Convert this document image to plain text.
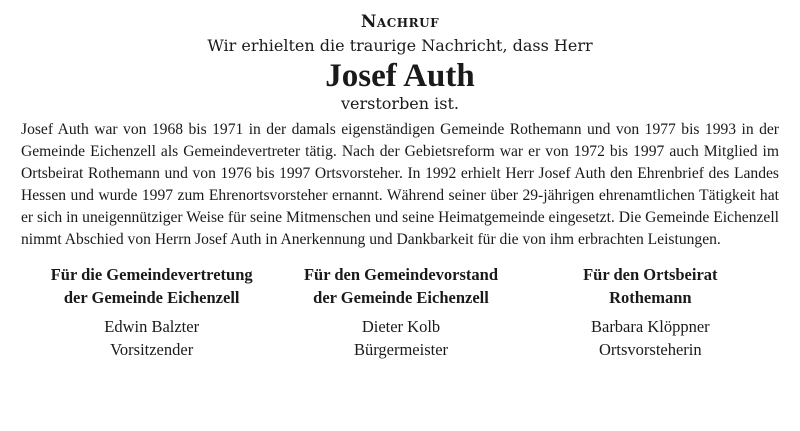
Nachruf
Wir erhielten die traurige Nachricht, dass Herr
Josef Auth
verstorben ist.
Josef Auth war von 1968 bis 1971 in der damals eigenständigen Gemeinde Rothemann und von 1977 bis 1993 in der Gemeinde Eichenzell als Gemeindevertreter tätig. Nach der Gebietsreform war er von 1972 bis 1997 auch Mitglied im Ortsbeirat Rothemann und von 1976 bis 1997 Ortsvorsteher. In 1992 erhielt Herr Josef Auth den Ehrenbrief des Landes Hessen und wurde 1997 zum Ehrenortsvorsteher ernannt. Während seiner über 29-jährigen ehrenamtlichen Tätigkeit hat er sich in uneigennütziger Weise für seine Mitmenschen und seine Heimatgemeinde eingesetzt. Die Gemeinde Eichenzell nimmt Abschied von Herrn Josef Auth in Anerkennung und Dankbarkeit für die von ihm erbrachten Leistungen.
Für die Gemeindevertretung
der Gemeinde Eichenzell
Edwin Balzter
Vorsitzender
Für den Gemeindevorstand
der Gemeinde Eichenzell
Dieter Kolb
Bürgermeister
Für den Ortsbeirat
Rothemann
Barbara Klöppner
Ortsvorsteherin
